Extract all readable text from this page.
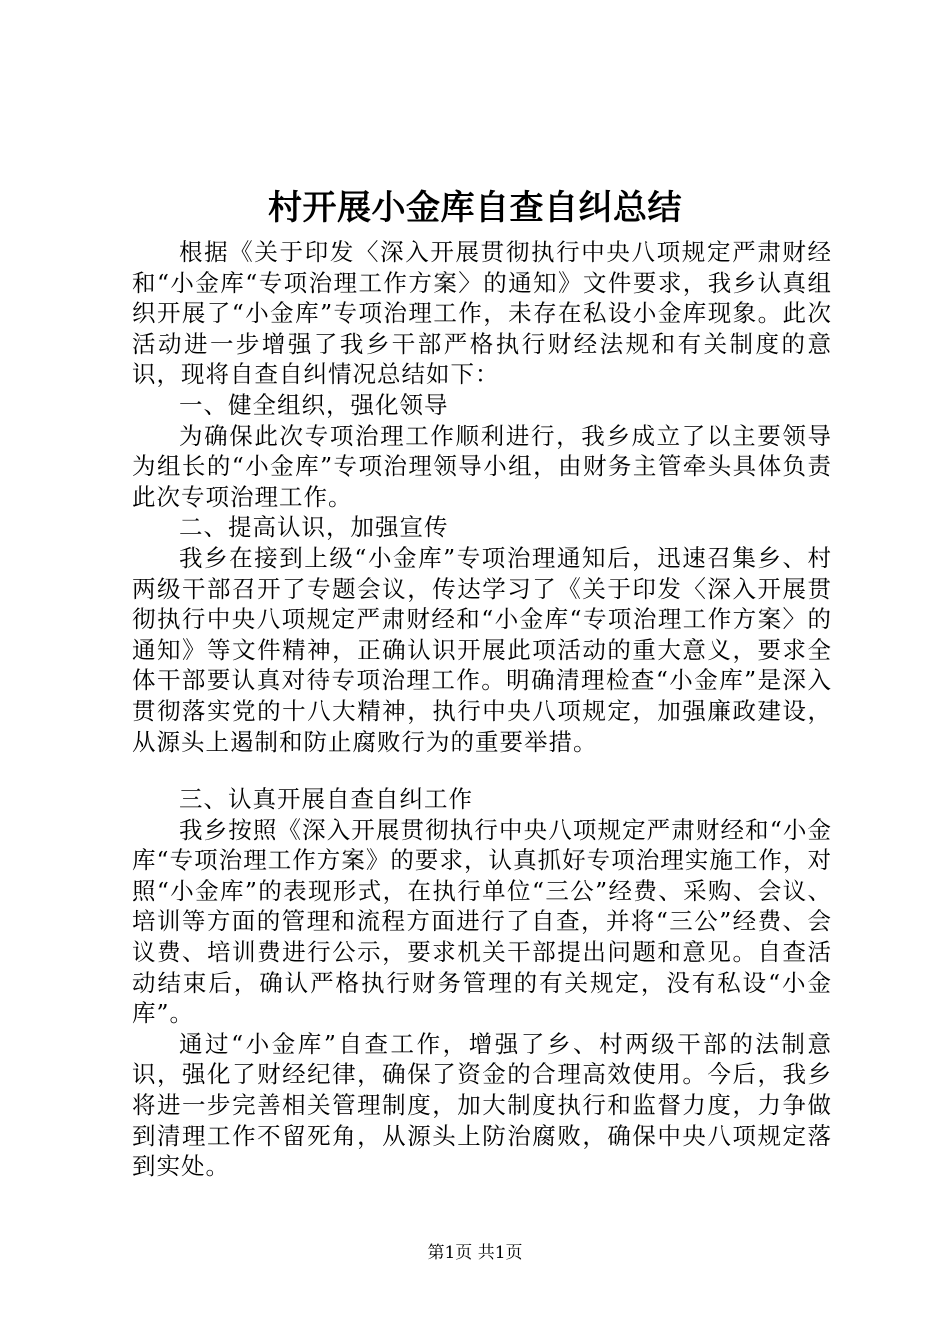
村开展小金库自查自纠总结

根据《关于印发〈深入开展贯彻执行中央八项规定严肃财经和“小金库“专项治理工作方案〉的通知》文件要求，我乡认真组织开展了“小金库”专项治理工作，未存在私设小金库现象。此次活动进一步增强了我乡干部严格执行财经法规和有关制度的意识，现将自查自纠情况总结如下：

一、健全组织，强化领导

为确保此次专项治理工作顺利进行，我乡成立了以主要领导为组长的“小金库”专项治理领导小组，由财务主管牵头具体负责此次专项治理工作。

二、提高认识，加强宣传

我乡在接到上级“小金库”专项治理通知后，迅速召集乡、村两级干部召开了专题会议，传达学习了《关于印发〈深入开展贯彻执行中央八项规定严肃财经和“小金库“专项治理工作方案〉的通知》等文件精神，正确认识开展此项活动的重大意义，要求全体干部要认真对待专项治理工作。明确清理检查“小金库”是深入贯彻落实党的十八大精神，执行中央八项规定，加强廉政建设，从源头上遏制和防止腐败行为的重要举措。

三、认真开展自查自纠工作

我乡按照《深入开展贯彻执行中央八项规定严肃财经和“小金库“专项治理工作方案》的要求，认真抓好专项治理实施工作，对照“小金库”的表现形式，在执行单位“三公”经费、采购、会议、培训等方面的管理和流程方面进行了自查，并将“三公”经费、会议费、培训费进行公示，要求机关干部提出问题和意见。自查活动结束后，确认严格执行财务管理的有关规定，没有私设“小金库”。

通过“小金库”自查工作，增强了乡、村两级干部的法制意识，强化了财经纪律，确保了资金的合理高效使用。今后，我乡将进一步完善相关管理制度，加大制度执行和监督力度，力争做到清理工作不留死角，从源头上防治腐败，确保中央八项规定落到实处。

第1页 共1页
